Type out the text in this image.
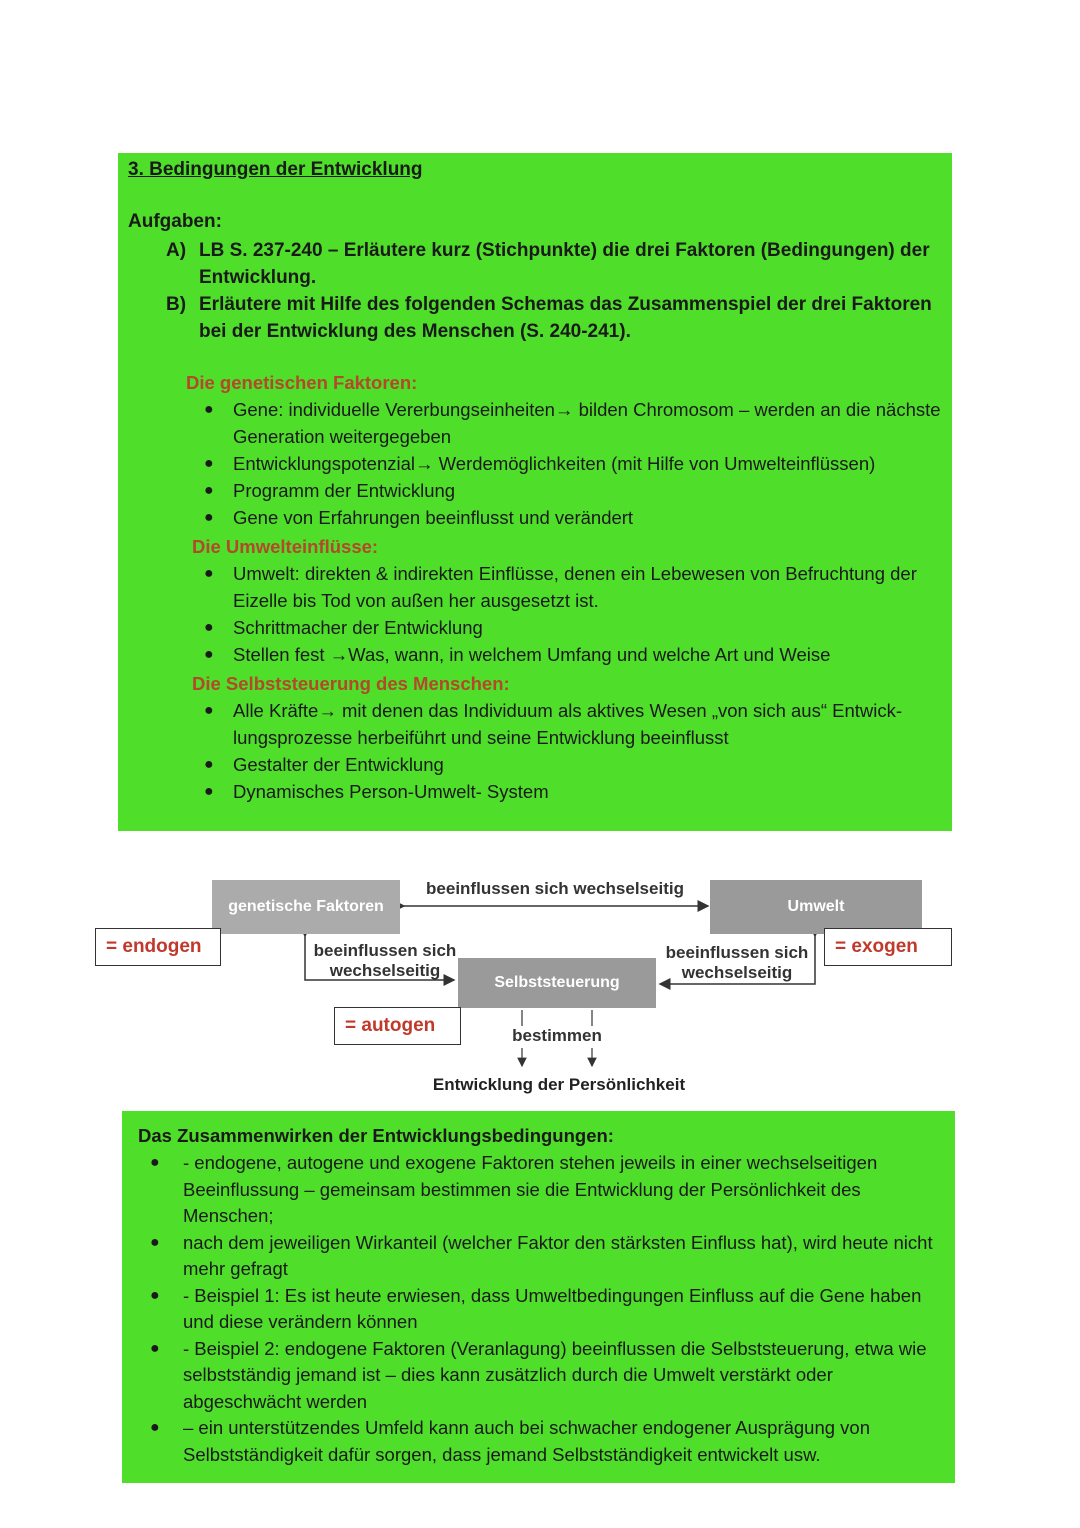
3. Bedingungen der Entwicklung
Aufgaben:
A) LB S. 237-240 – Erläutere kurz (Stichpunkte) die drei Faktoren (Bedingungen) der Entwicklung.
B) Erläutere mit Hilfe des folgenden Schemas das Zusammenspiel der drei Faktoren bei der Entwicklung des Menschen (S. 240-241).
Die genetischen Faktoren:
●	Gene: individuelle Vererbungseinheiten→ bilden Chromosom – werden an die nächste Generation weitergegeben
●	Entwicklungspotenzial→ Werdemöglichkeiten (mit Hilfe von Umwelteinflüssen)
●	Programm der Entwicklung
●	Gene von Erfahrungen beeinflusst und verändert
Die Umwelteinflüsse:
●	Umwelt: direkten & indirekten Einflüsse, denen ein Lebewesen von Befruchtung der Eizelle bis Tod von außen her ausgesetzt ist.
●	Schrittmacher der Entwicklung
●	Stellen fest →Was, wann, in welchem Umfang und welche Art und Weise
Die Selbststeuerung des Menschen:
●	Alle Kräfte→ mit denen das Individuum als aktives Wesen „von sich aus“ Entwick-lungsprozesse herbeiführt und seine Entwicklung beeinflusst
●	Gestalter der Entwicklung
●	Dynamisches Person-Umwelt- System
genetische Faktoren	Umwelt
Selbststeuerung
beeinflussen sich wechselseitig
beeinflussen sich wechselseitig
beeinflussen sich wechselseitig
bestimmen
Entwicklung der Persönlichkeit
= endogen	= exogen
= autogen
Das Zusammenwirken der Entwicklungsbedingungen:
●	- endogene, autogene und exogene Faktoren stehen jeweils in einer wechselseitigen Beeinflussung – gemeinsam bestimmen sie die Entwicklung der Persönlichkeit des Menschen;
●	nach dem jeweiligen Wirkanteil (welcher Faktor den stärksten Einfluss hat), wird heute nicht mehr gefragt
●	- Beispiel 1: Es ist heute erwiesen, dass Umweltbedingungen Einfluss auf die Gene haben und diese verändern können
●	- Beispiel 2: endogene Faktoren (Veranlagung) beeinflussen die Selbststeuerung, etwa wie selbstständig jemand ist – dies kann zusätzlich durch die Umwelt verstärkt oder abgeschwächt werden
●	– ein unterstützendes Umfeld kann auch bei schwacher endogener Ausprägung von Selbstständigkeit dafür sorgen, dass jemand Selbstständigkeit entwickelt usw.
